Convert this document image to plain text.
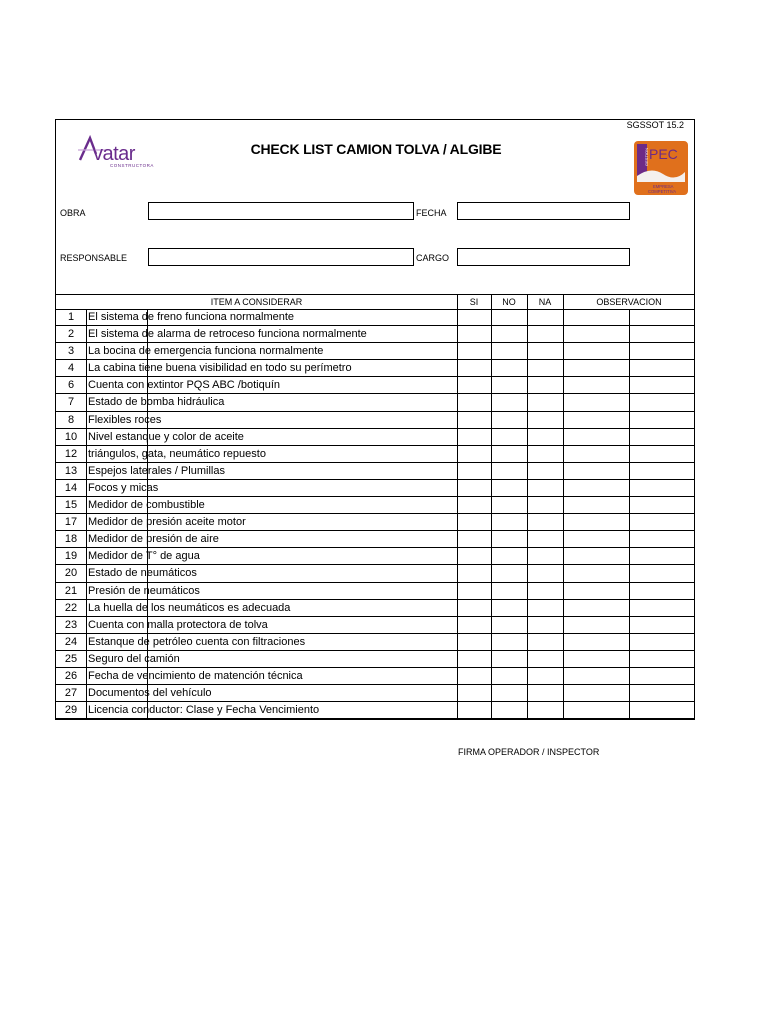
SGSSOT 15.2
vatar
CONSTRUCTORA
CHECK LIST CAMION TOLVA / ALGIBE	GESTION PEC
EMPRESA
COMPETITIVA
OBRA	FECHA
RESPONSABLE	CARGO
ITEM A CONSIDERAR	SI	NO	NA	OBSERVACION
1	El sistema de freno funciona normalmente
2	El sistema de alarma de retroceso funciona normalmente
3	La bocina de emergencia funciona normalmente
4	La cabina tiene buena visibilidad en todo su perímetro
6	Cuenta con extintor PQS ABC /botiquín
7	Estado de bomba hidráulica
8	Flexibles roces
10 Nivel estanque y color de aceite
12 triángulos, gata, neumático repuesto
13 Espejos laterales / Plumillas
14 Focos y micas
15 Medidor de combustible
17 Medidor de presión aceite motor
18 Medidor de presión de aire
19 Medidor de T° de agua
20 Estado de neumáticos
21 Presión de neumáticos
22 La huella de los neumáticos es adecuada
23 Cuenta con malla protectora de tolva
24 Estanque de petróleo cuenta con filtraciones
25 Seguro del camión
26 Fecha de vencimiento de matención técnica
27 Documentos del vehículo
29 Licencia conductor: Clase y Fecha Vencimiento
FIRMA OPERADOR / INSPECTOR
